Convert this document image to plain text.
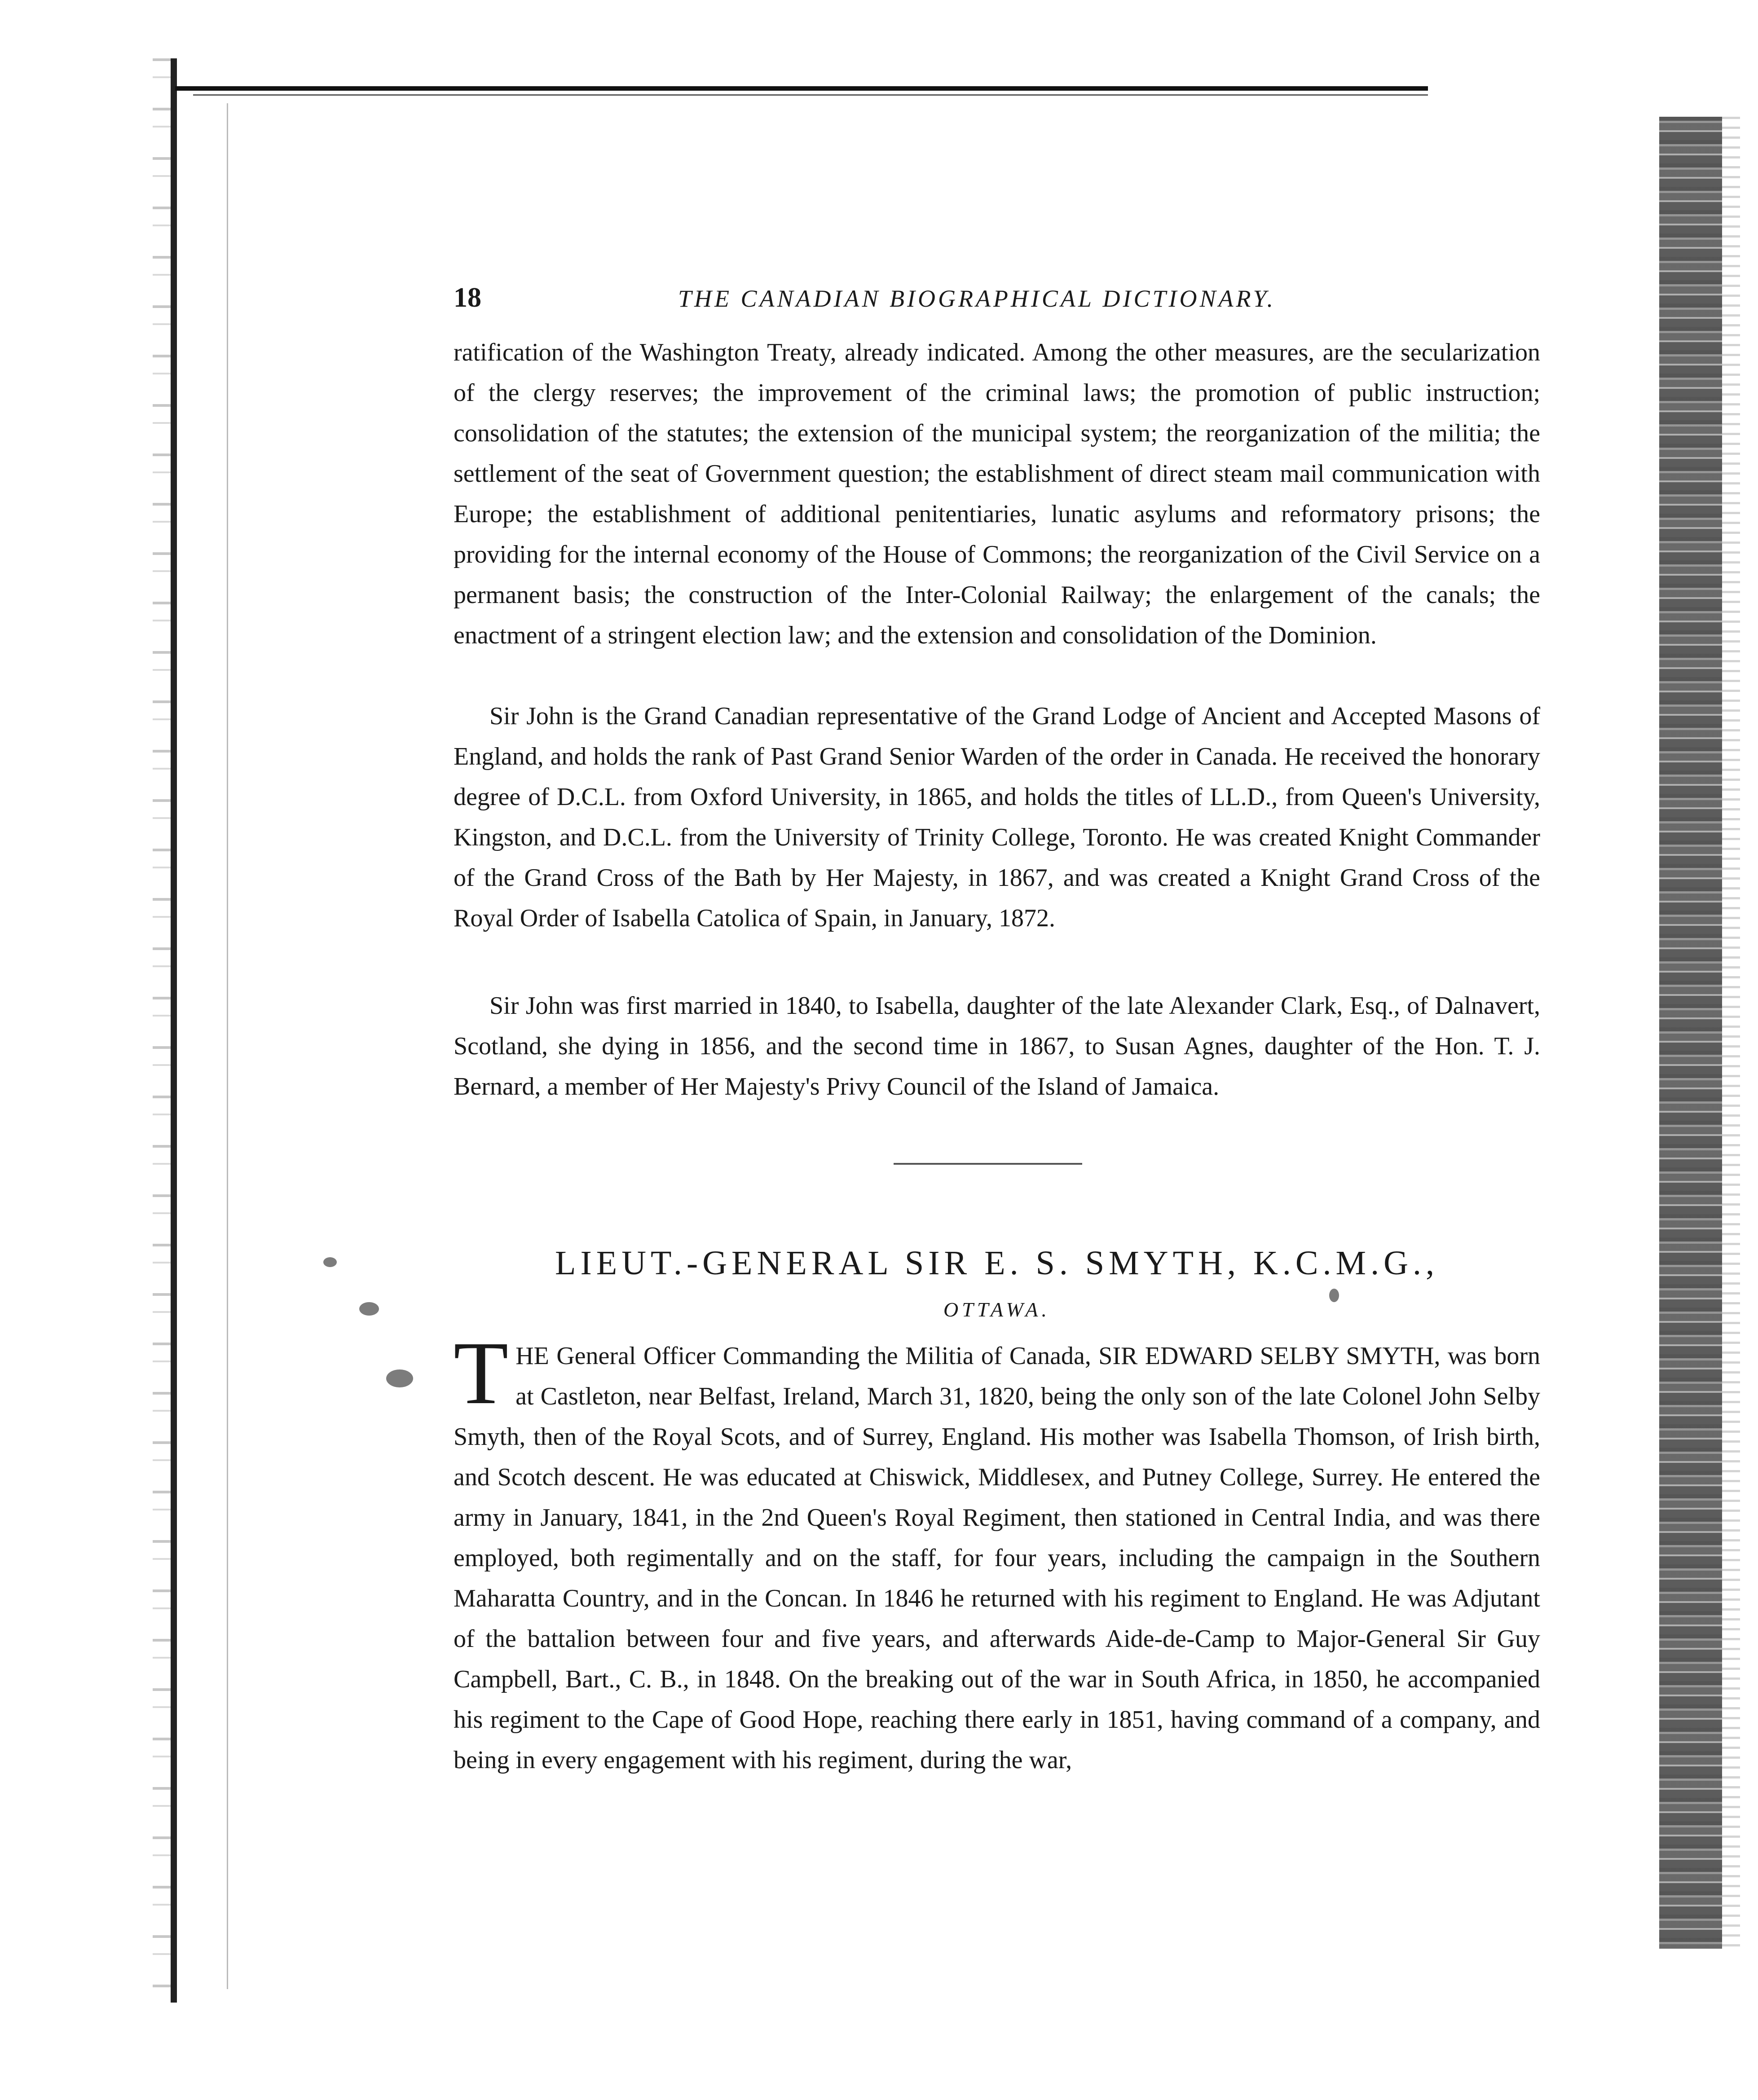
18	THE CANADIAN BIOGRAPHICAL DICTIONARY.

ratification of the Washington Treaty, already indicated. Among the other measures, are the secularization of the clergy reserves; the improvement of the criminal laws; the promotion of public instruction; consolidation of the statutes; the extension of the municipal system; the reorganization of the militia; the settlement of the seat of Government question; the establishment of direct steam mail communication with Europe; the establishment of additional penitentiaries, lunatic asylums and reformatory prisons; the providing for the internal economy of the House of Commons; the reorganization of the Civil Service on a permanent basis; the construction of the Inter-Colonial Railway; the enlargement of the canals; the enactment of a stringent election law; and the extension and consolidation of the Dominion.

Sir John is the Grand Canadian representative of the Grand Lodge of Ancient and Accepted Masons of England, and holds the rank of Past Grand Senior Warden of the order in Canada. He received the honorary degree of D.C.L. from Oxford University, in 1865, and holds the titles of LL.D., from Queen's University, Kingston, and D.C.L. from the University of Trinity College, Toronto. He was created Knight Commander of the Grand Cross of the Bath by Her Majesty, in 1867, and was created a Knight Grand Cross of the Royal Order of Isabella Catolica of Spain, in January, 1872.

Sir John was first married in 1840, to Isabella, daughter of the late Alexander Clark, Esq., of Dalnavert, Scotland, she dying in 1856, and the second time in 1867, to Susan Agnes, daughter of the Hon. T. J. Bernard, a member of Her Majesty's Privy Council of the Island of Jamaica.

LIEUT.-GENERAL SIR E. S. SMYTH, K.C.M.G.,
OTTAWA.
T HE General Officer Commanding the Militia of Canada, SIR EDWARD SELBY SMYTH, was born at Castleton, near Belfast, Ireland, March 31, 1820, being the only son of the late Colonel John Selby Smyth, then of the Royal Scots, and of Surrey, England. His mother was Isabella Thomson, of Irish birth, and Scotch descent. He was educated at Chiswick, Middlesex, and Putney College, Surrey. He entered the army in January, 1841, in the 2nd Queen's Royal Regiment, then stationed in Central India, and was there employed, both regimentally and on the staff, for four years, including the campaign in the Southern Maharatta Country, and in the Concan. In 1846 he returned with his regiment to England. He was Adjutant of the battalion between four and five years, and afterwards Aide-de-Camp to Major-General Sir Guy Campbell, Bart., C. B., in 1848. On the breaking out of the war in South Africa, in 1850, he accompanied his regiment to the Cape of Good Hope, reaching there early in 1851, having command of a company, and being in every engagement with his regiment, during the war,
